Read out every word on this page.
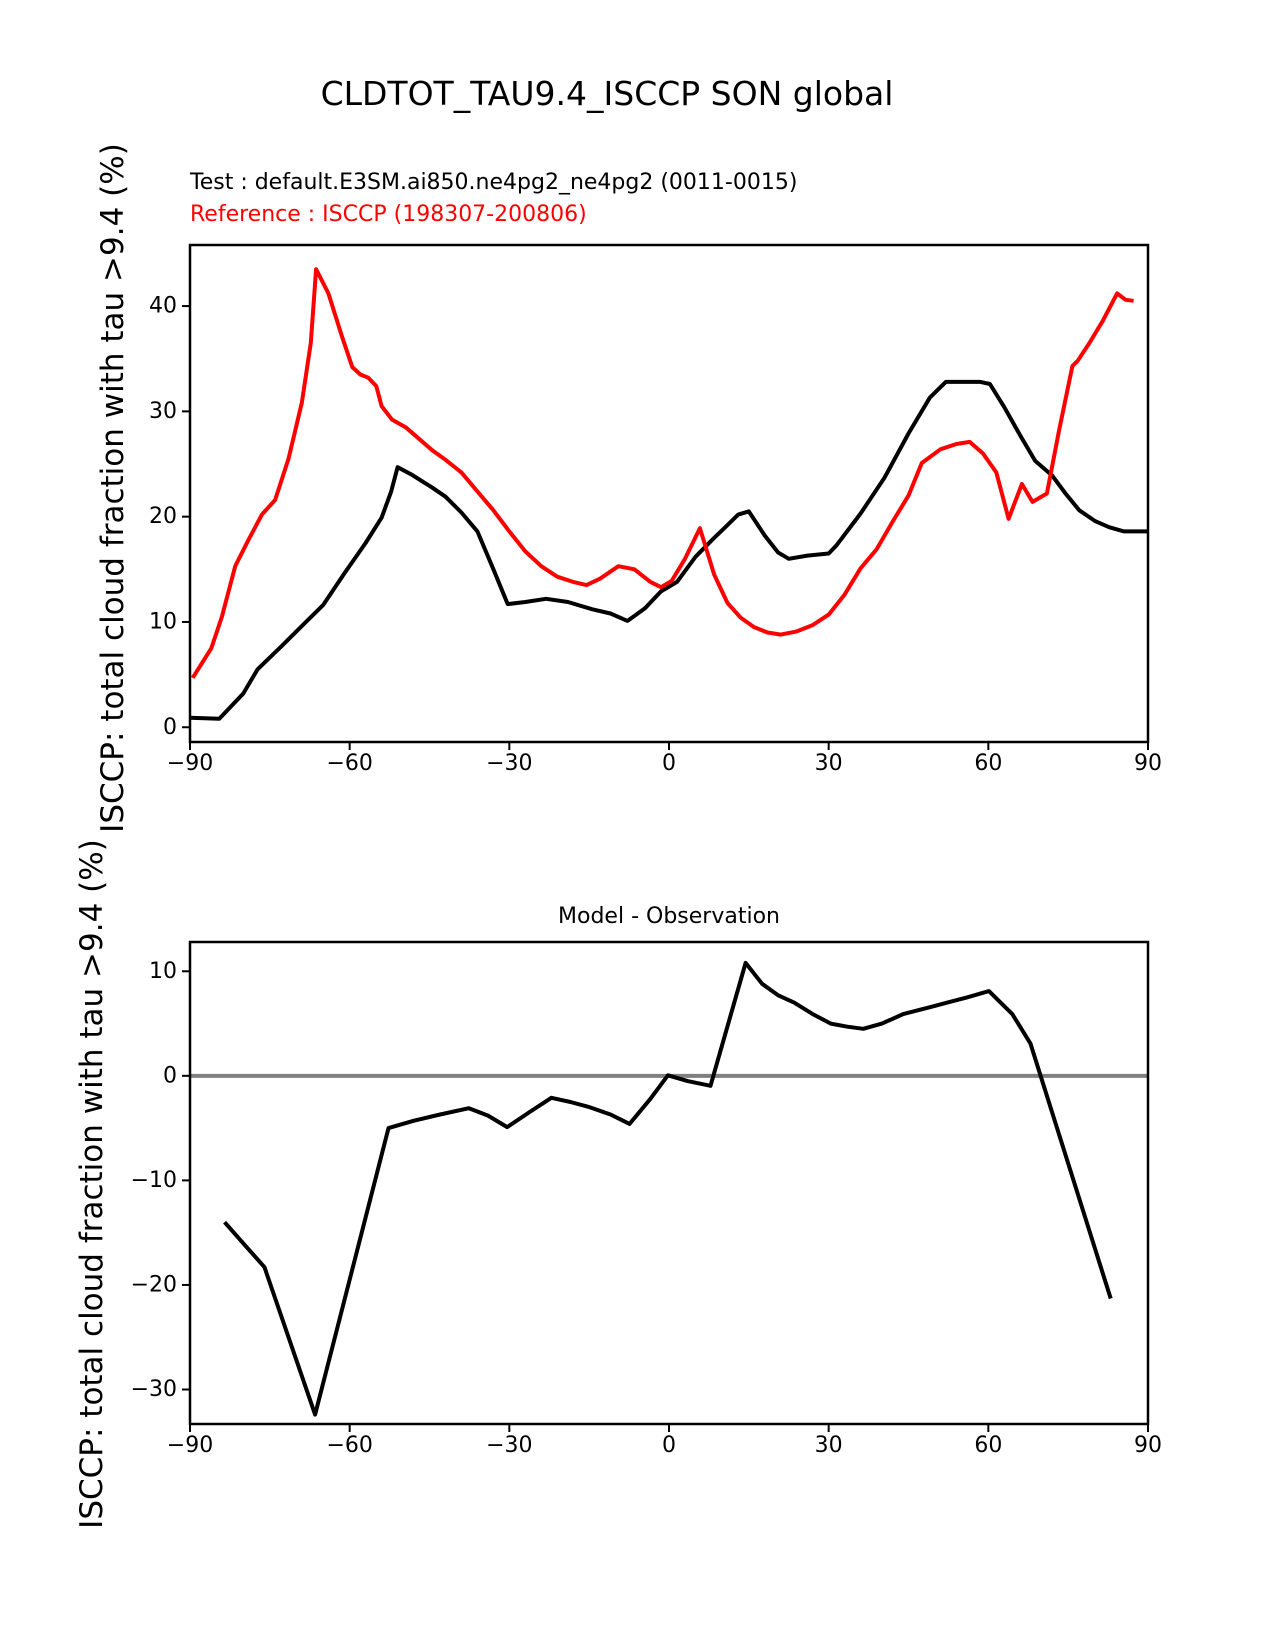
−90	−60	−30	0	30	60	90
0
10
20
30
40
−90	−60	−30	0	30	60	90
10
0
−10
−20
−30
ISCCP: total cloud fraction with tau >9.4 (%)
ISCCP: total cloud fraction with tau >9.4 (%)
CLDTOT_TAU9.4_ISCCP SON global
Test : default.E3SM.ai850.ne4pg2_ne4pg2 (0011-0015)
Reference : ISCCP (198307-200806)
Model - Observation
